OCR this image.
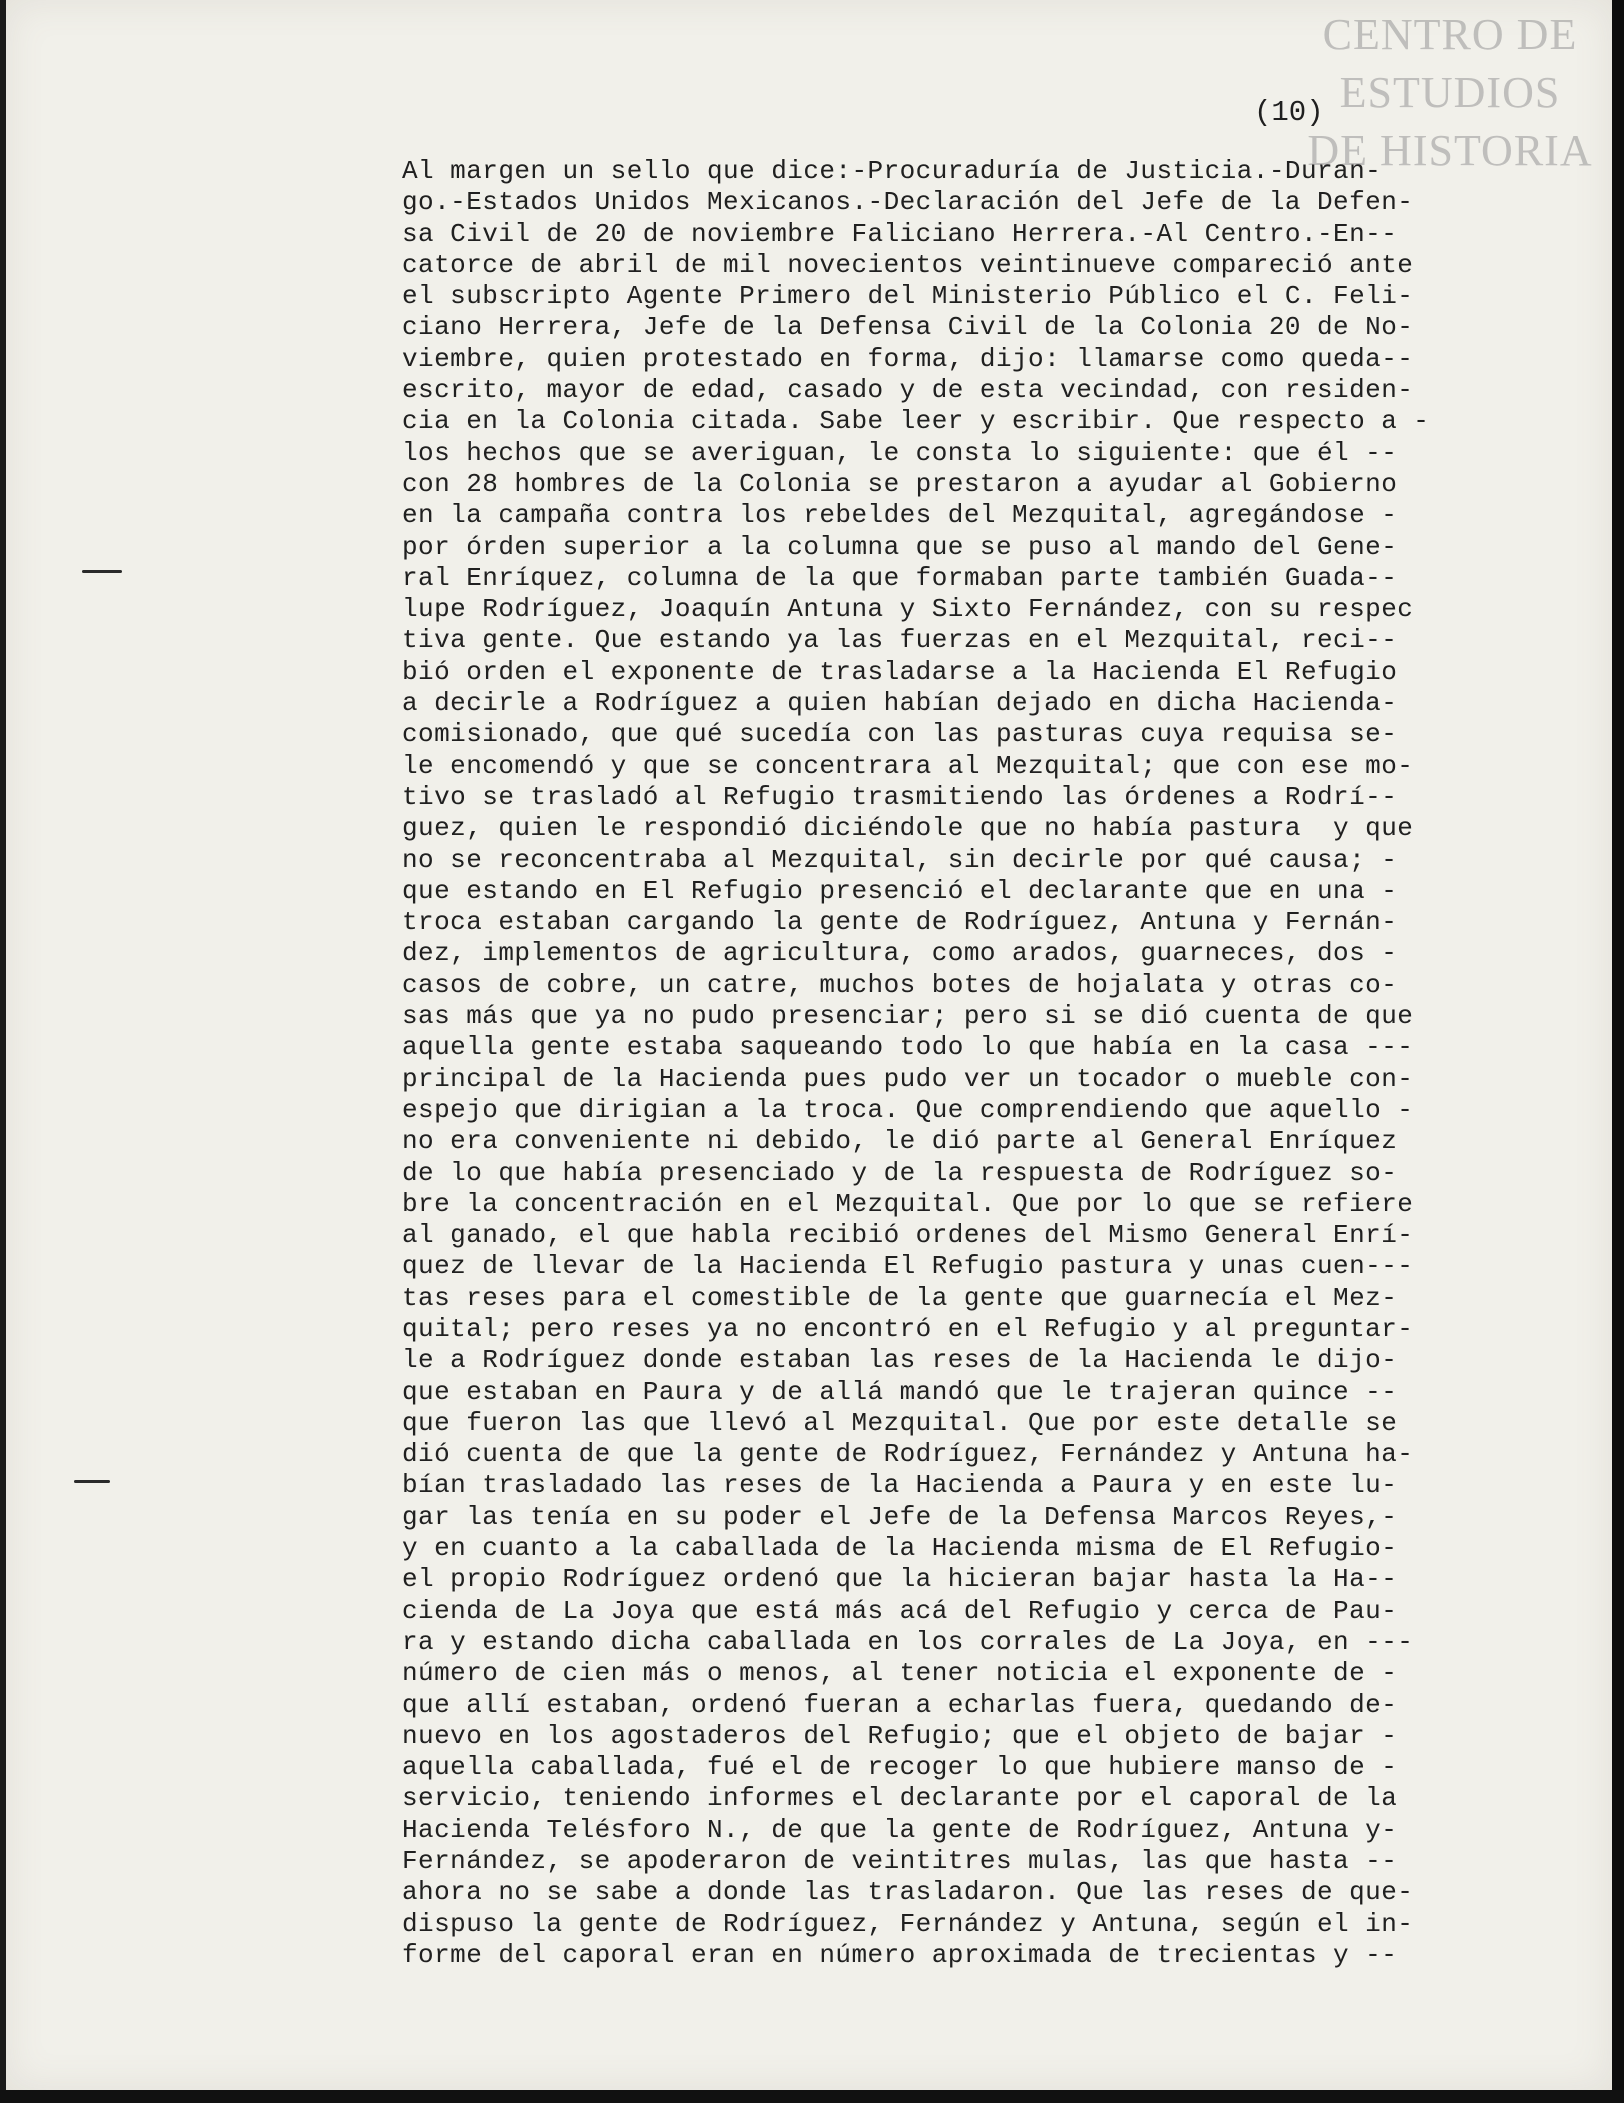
CENTRO DE
ESTUDIOS
DE HISTORIA
(10)
Al margen un sello que dice:-Procuraduría de Justicia.-Duran-
go.-Estados Unidos Mexicanos.-Declaración del Jefe de la Defen-
sa Civil de 20 de noviembre Faliciano Herrera.-Al Centro.-En--
catorce de abril de mil novecientos veintinueve compareció ante
el subscripto Agente Primero del Ministerio Público el C. Feli-
ciano Herrera, Jefe de la Defensa Civil de la Colonia 20 de No-
viembre, quien protestado en forma, dijo: llamarse como queda--
escrito, mayor de edad, casado y de esta vecindad, con residen-
cia en la Colonia citada. Sabe leer y escribir. Que respecto a -
los hechos que se averiguan, le consta lo siguiente: que él --
con 28 hombres de la Colonia se prestaron a ayudar al Gobierno
en la campaña contra los rebeldes del Mezquital, agregándose -
por órden superior a la columna que se puso al mando del Gene-
ral Enríquez, columna de la que formaban parte también Guada--
lupe Rodríguez, Joaquín Antuna y Sixto Fernández, con su respec
tiva gente. Que estando ya las fuerzas en el Mezquital, reci--
bió orden el exponente de trasladarse a la Hacienda El Refugio
a decirle a Rodríguez a quien habían dejado en dicha Hacienda-
comisionado, que qué sucedía con las pasturas cuya requisa se-
le encomendó y que se concentrara al Mezquital; que con ese mo-
tivo se trasladó al Refugio trasmitiendo las órdenes a Rodrí--
guez, quien le respondió diciéndole que no había pastura  y que
no se reconcentraba al Mezquital, sin decirle por qué causa; -
que estando en El Refugio presenció el declarante que en una -
troca estaban cargando la gente de Rodríguez, Antuna y Fernán-
dez, implementos de agricultura, como arados, guarneces, dos -
casos de cobre, un catre, muchos botes de hojalata y otras co-
sas más que ya no pudo presenciar; pero si se dió cuenta de que
aquella gente estaba saqueando todo lo que había en la casa ---
principal de la Hacienda pues pudo ver un tocador o mueble con-
espejo que dirigian a la troca. Que comprendiendo que aquello -
no era conveniente ni debido, le dió parte al General Enríquez
de lo que había presenciado y de la respuesta de Rodríguez so-
bre la concentración en el Mezquital. Que por lo que se refiere
al ganado, el que habla recibió ordenes del Mismo General Enrí-
quez de llevar de la Hacienda El Refugio pastura y unas cuen---
tas reses para el comestible de la gente que guarnecía el Mez-
quital; pero reses ya no encontró en el Refugio y al preguntar-
le a Rodríguez donde estaban las reses de la Hacienda le dijo-
que estaban en Paura y de allá mandó que le trajeran quince --
que fueron las que llevó al Mezquital. Que por este detalle se
dió cuenta de que la gente de Rodríguez, Fernández y Antuna ha-
bían trasladado las reses de la Hacienda a Paura y en este lu-
gar las tenía en su poder el Jefe de la Defensa Marcos Reyes,-
y en cuanto a la caballada de la Hacienda misma de El Refugio-
el propio Rodríguez ordenó que la hicieran bajar hasta la Ha--
cienda de La Joya que está más acá del Refugio y cerca de Pau-
ra y estando dicha caballada en los corrales de La Joya, en ---
número de cien más o menos, al tener noticia el exponente de -
que allí estaban, ordenó fueran a echarlas fuera, quedando de-
nuevo en los agostaderos del Refugio; que el objeto de bajar -
aquella caballada, fué el de recoger lo que hubiere manso de -
servicio, teniendo informes el declarante por el caporal de la
Hacienda Telésforo N., de que la gente de Rodríguez, Antuna y-
Fernández, se apoderaron de veintitres mulas, las que hasta --
ahora no se sabe a donde las trasladaron. Que las reses de que-
dispuso la gente de Rodríguez, Fernández y Antuna, según el in-
forme del caporal eran en número aproximada de trecientas y --
